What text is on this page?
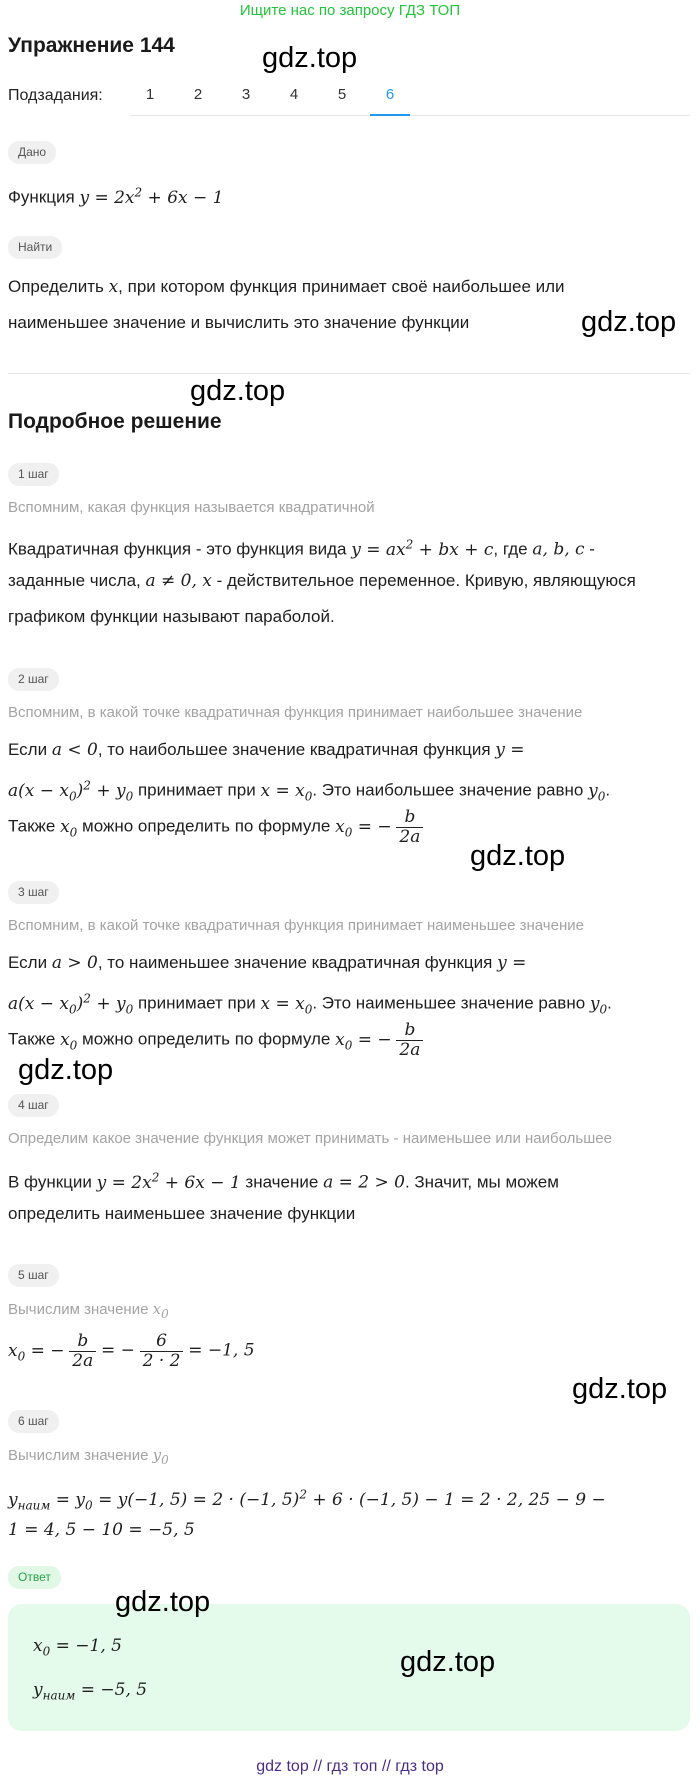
Ищите нас по запросу ГДЗ ТОП
Упражнение 144	gdz.top
Подзадания:	1	2	3	4	5	6
Дано
Функция $y = 2x^2 + 6x - 1$
Найти
Определить x, при котором функция принимает своё наибольшее или
наименьшее значение и вычислить это значение функции	gdz.top
gdz.top
Подробное решение
1 шаг
Вспомним, какая функция называется квадратичной
Квадратичная функция - это функция вида $y = ax^2$ + bx + c, где a, b, c -
заданные числа, a ≠ 0, x - действительное переменное. Кривую, являющуюся
графиком функции называют параболой.
2 шаг
Вспомним, в какой точке квадратичная функция принимает наибольшее значение
Если a < 0, то наибольшее значение квадратичная функция y =
$a(x - x_0)^2 + y_0$ принимает при $x = x_0$. Это наибольшее значение равно $y_0$.
Также $x_0$ можно определить по формуле $x_0$ = − $\frac{b}{2a}$
gdz.top
3 шаг
Вспомним, в какой точке квадратичная функция принимает наименьшее значение
Если a > 0, то наименьшее значение квадратичная функция y =
$a(x - x_0)^2 + y_0$ принимает при $x = x_0$. Это наименьшее значение равно $y_0$.
Также $x_0$ можно определить по формуле $x_0$ = − $\frac{b}{2a}$
gdz.top
4 шаг
Определим какое значение функция может принимать - наименьшее или наибольшее
В функции $y = 2x^2 + 6x - 1$ значение a = 2 > 0. Значит, мы можем
определить наименьшее значение функции
5 шаг
Вычислим значение $x_0$
$x_0$ = − $\frac{b}{2a}$ = − $\frac{6}{2 \cdot 2} = -1$, 5
gdz.top
6 шаг
Вычислим значение $y_0$
$y_{наим} = y_0 = y(-1$, 5) = 2 · (−1, 5)$^2$ + 6 · (−1, 5) − 1 = 2 · 2, 25 − 9 −
1 = 4, 5 − 10 = −5, 5
Ответ
$x_0 = -1$, 5
$y_{наим} = -5$, 5
gdz.top
gdz.top
gdz top // гдз топ // гдз top
